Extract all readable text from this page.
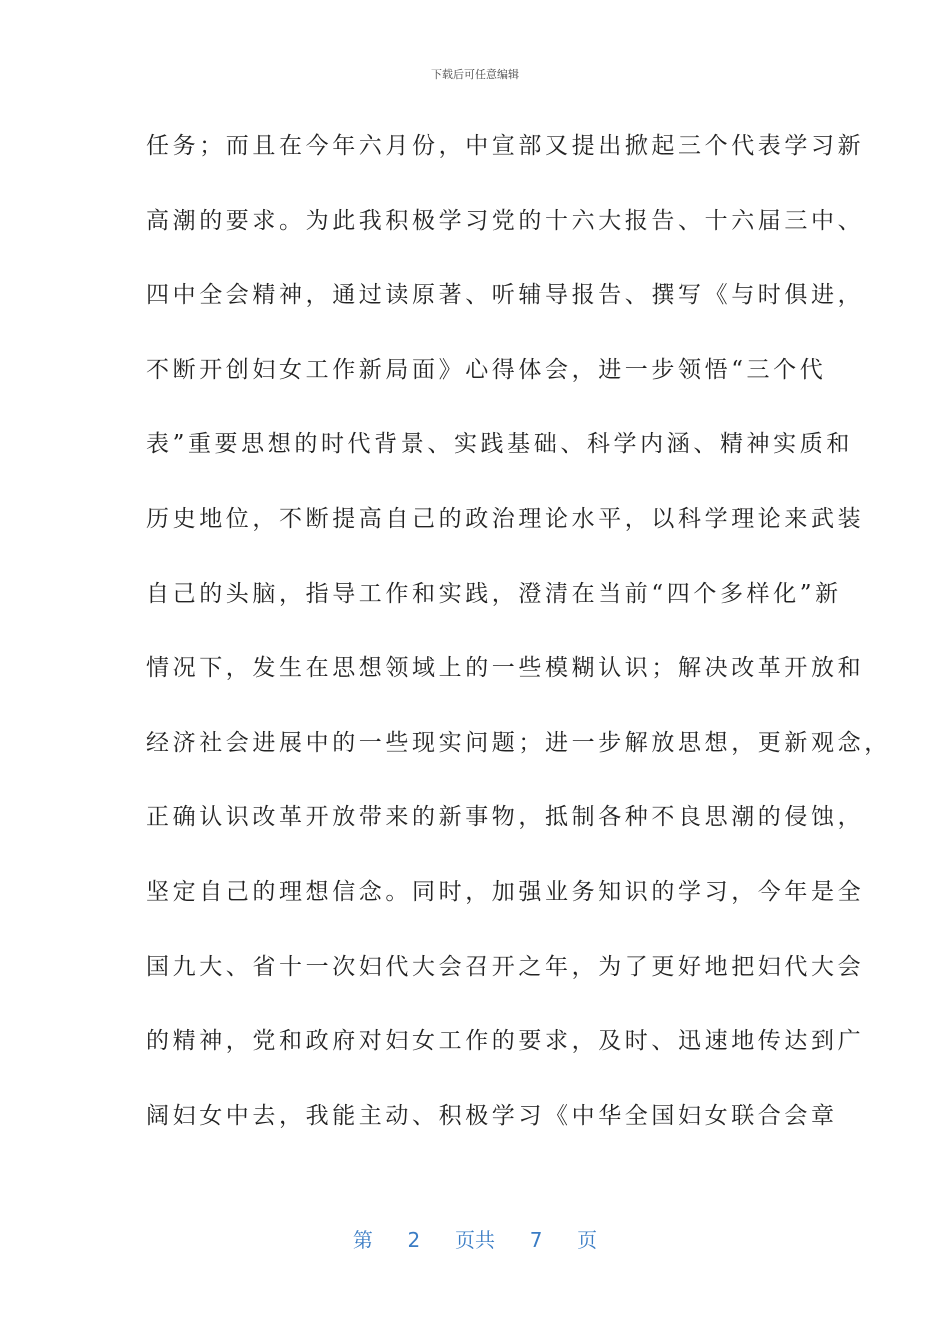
下载后可任意编辑
任务；而且在今年六月份，中宣部又提出掀起三个代表学习新
高潮的要求。为此我积极学习党的十六大报告、十六届三中、
四中全会精神，通过读原著、听辅导报告、撰写《与时俱进，
不断开创妇女工作新局面》心得体会，进一步领悟“三个代
表”重要思想的时代背景、实践基础、科学内涵、精神实质和
历史地位，不断提高自己的政治理论水平，以科学理论来武装
自己的头脑，指导工作和实践，澄清在当前“四个多样化”新
情况下，发生在思想领域上的一些模糊认识；解决改革开放和
经济社会进展中的一些现实问题；进一步解放思想，更新观念，
正确认识改革开放带来的新事物，抵制各种不良思潮的侵蚀，
坚定自己的理想信念。同时，加强业务知识的学习，今年是全
国九大、省十一次妇代大会召开之年，为了更好地把妇代大会
的精神，党和政府对妇女工作的要求，及时、迅速地传达到广
阔妇女中去，我能主动、积极学习《中华全国妇女联合会章
第 2 页共 7 页
